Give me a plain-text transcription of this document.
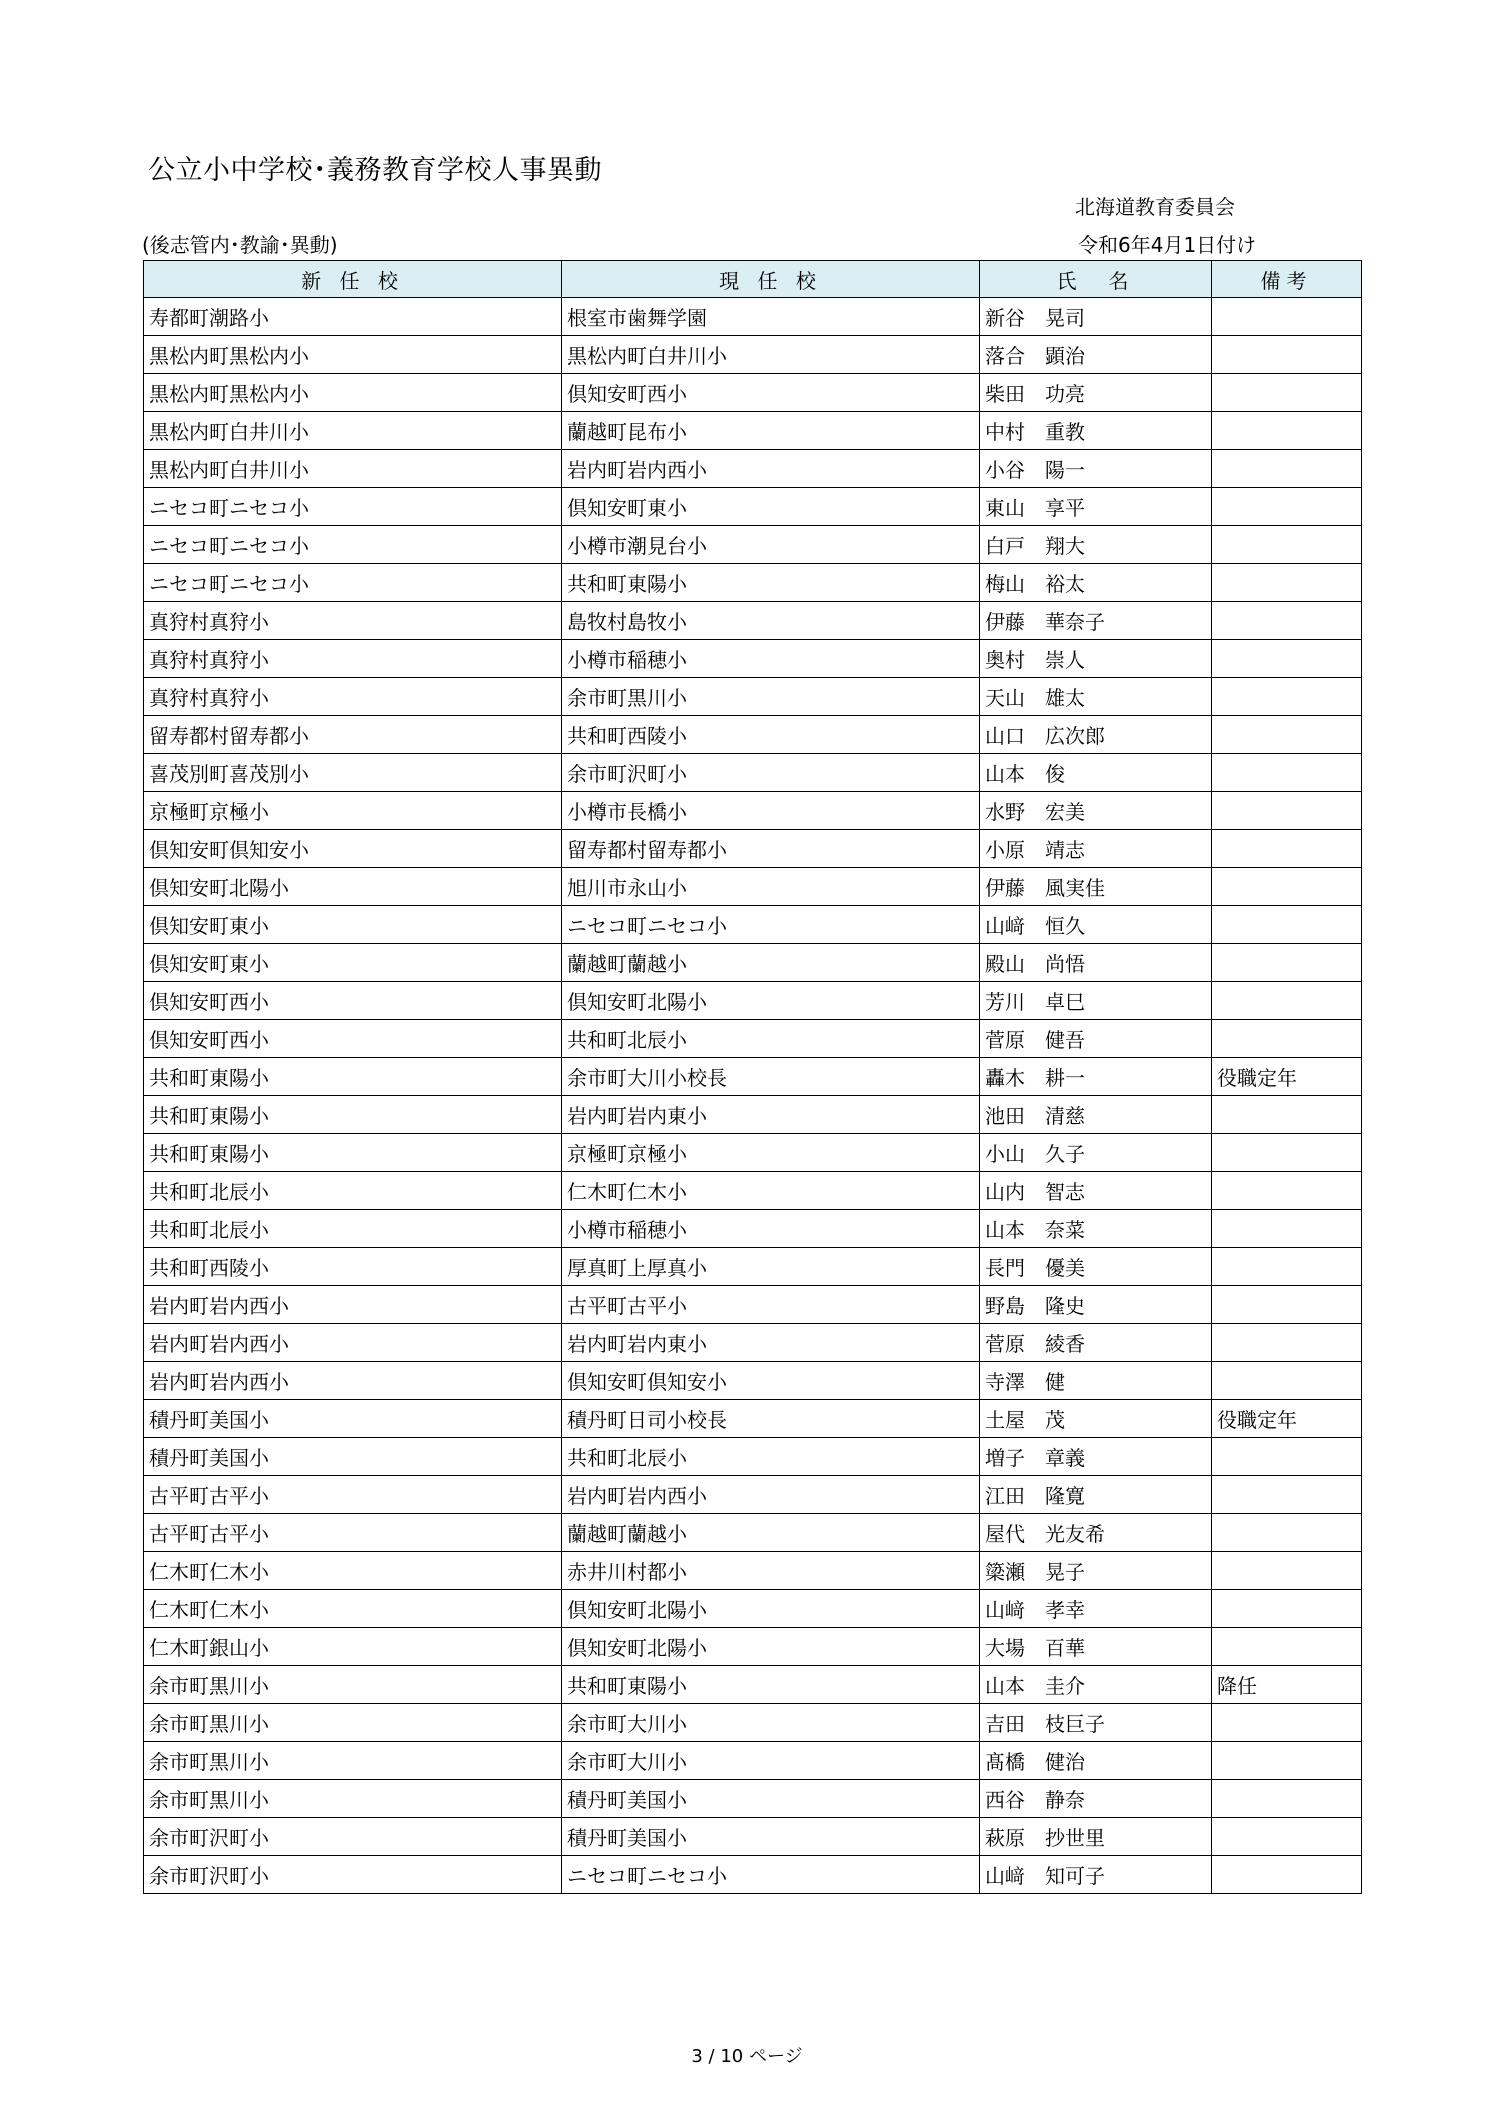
公立小中学校･義務教育学校人事異動
北海道教育委員会
(後志管内･教諭･異動)	令和6年4月1日付け
新 任 校	現 任 校	氏　名	備考
寿都町潮路小	根室市歯舞学園	新谷　晃司	
黒松内町黒松内小	黒松内町白井川小	落合　顕治	
黒松内町黒松内小	倶知安町西小	柴田　功亮	
黒松内町白井川小	蘭越町昆布小	中村　重教	
黒松内町白井川小	岩内町岩内西小	小谷　陽一	
ニセコ町ニセコ小	倶知安町東小	東山　享平	
ニセコ町ニセコ小	小樽市潮見台小	白戸　翔大	
ニセコ町ニセコ小	共和町東陽小	梅山　裕太	
真狩村真狩小	島牧村島牧小	伊藤　華奈子	
真狩村真狩小	小樽市稲穂小	奥村　崇人	
真狩村真狩小	余市町黒川小	天山　雄太	
留寿都村留寿都小	共和町西陵小	山口　広次郎	
喜茂別町喜茂別小	余市町沢町小	山本　俊	
京極町京極小	小樽市長橋小	水野　宏美	
倶知安町倶知安小	留寿都村留寿都小	小原　靖志	
倶知安町北陽小	旭川市永山小	伊藤　風実佳	
倶知安町東小	ニセコ町ニセコ小	山﨑　恒久	
倶知安町東小	蘭越町蘭越小	殿山　尚悟	
倶知安町西小	倶知安町北陽小	芳川　卓巳	
倶知安町西小	共和町北辰小	菅原　健吾	
共和町東陽小	余市町大川小校長	轟木　耕一	役職定年
共和町東陽小	岩内町岩内東小	池田　清慈	
共和町東陽小	京極町京極小	小山　久子	
共和町北辰小	仁木町仁木小	山内　智志	
共和町北辰小	小樽市稲穂小	山本　奈菜	
共和町西陵小	厚真町上厚真小	長門　優美	
岩内町岩内西小	古平町古平小	野島　隆史	
岩内町岩内西小	岩内町岩内東小	菅原　綾香	
岩内町岩内西小	倶知安町倶知安小	寺澤　健	
積丹町美国小	積丹町日司小校長	土屋　茂	役職定年
積丹町美国小	共和町北辰小	増子　章義	
古平町古平小	岩内町岩内西小	江田　隆寛	
古平町古平小	蘭越町蘭越小	屋代　光友希	
仁木町仁木小	赤井川村都小	簗瀬　晃子	
仁木町仁木小	倶知安町北陽小	山﨑　孝幸	
仁木町銀山小	倶知安町北陽小	大場　百華	
余市町黒川小	共和町東陽小	山本　圭介	降任
余市町黒川小	余市町大川小	吉田　枝巨子	
余市町黒川小	余市町大川小	髙橋　健治	
余市町黒川小	積丹町美国小	西谷　静奈	
余市町沢町小	積丹町美国小	萩原　抄世里	
余市町沢町小	ニセコ町ニセコ小	山﨑　知可子	
3 / 10 ページ
